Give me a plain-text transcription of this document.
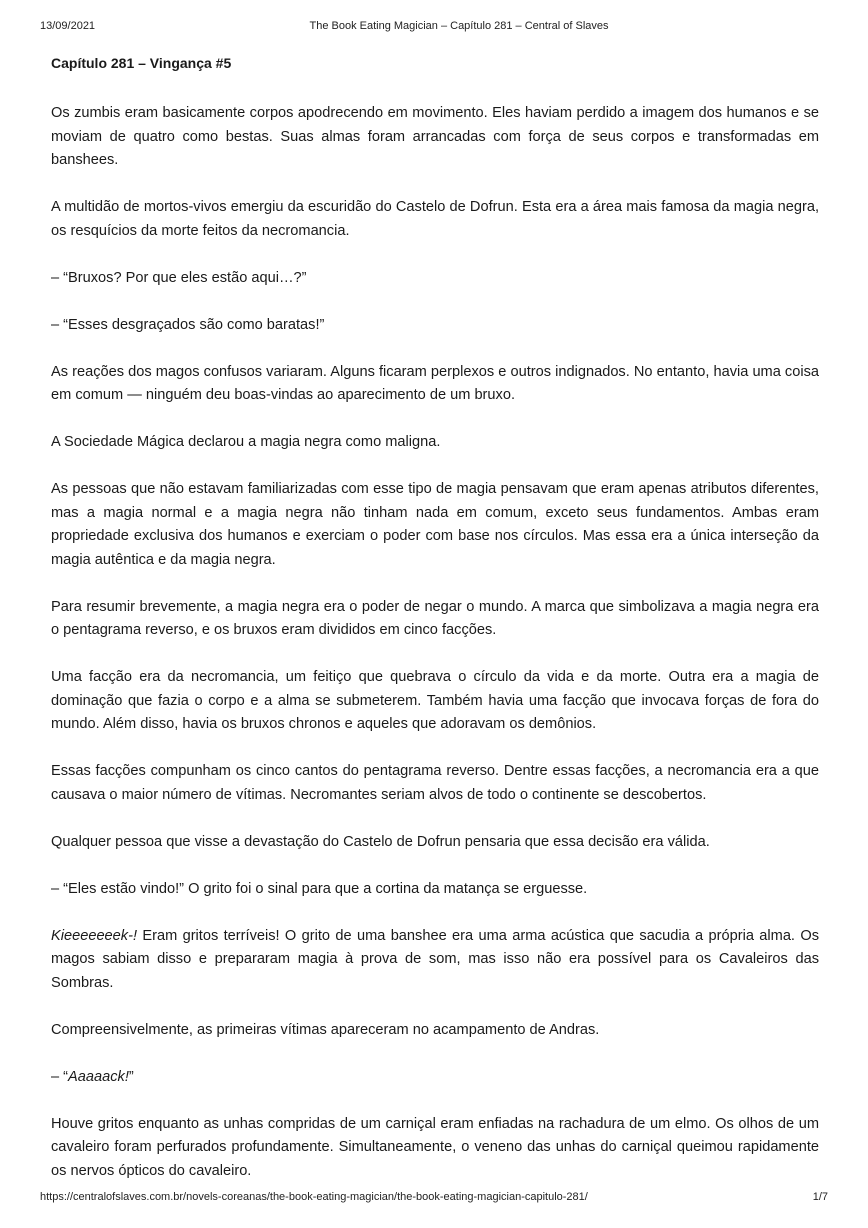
13/09/2021	The Book Eating Magician – Capítulo 281 – Central of Slaves
Capítulo 281 – Vingança #5

Os zumbis eram basicamente corpos apodrecendo em movimento. Eles haviam perdido a imagem dos humanos e se moviam de quatro como bestas. Suas almas foram arrancadas com força de seus corpos e transformadas em banshees.

A multidão de mortos-vivos emergiu da escuridão do Castelo de Dofrun. Esta era a área mais famosa da magia negra, os resquícios da morte feitos da necromancia.

– “Bruxos? Por que eles estão aqui…?”

– “Esses desgraçados são como baratas!”

As reações dos magos confusos variaram. Alguns ficaram perplexos e outros indignados. No entanto, havia uma coisa em comum — ninguém deu boas-vindas ao aparecimento de um bruxo.

A Sociedade Mágica declarou a magia negra como maligna.

As pessoas que não estavam familiarizadas com esse tipo de magia pensavam que eram apenas atributos diferentes, mas a magia normal e a magia negra não tinham nada em comum, exceto seus fundamentos. Ambas eram propriedade exclusiva dos humanos e exerciam o poder com base nos círculos. Mas essa era a única interseção da magia autêntica e da magia negra.

Para resumir brevemente, a magia negra era o poder de negar o mundo. A marca que simbolizava a magia negra era o pentagrama reverso, e os bruxos eram divididos em cinco facções.

Uma facção era da necromancia, um feitiço que quebrava o círculo da vida e da morte. Outra era a magia de dominação que fazia o corpo e a alma se submeterem. Também havia uma facção que invocava forças de fora do mundo. Além disso, havia os bruxos chronos e aqueles que adoravam os demônios.

Essas facções compunham os cinco cantos do pentagrama reverso. Dentre essas facções, a necromancia era a que causava o maior número de vítimas. Necromantes seriam alvos de todo o continente se descobertos.

Qualquer pessoa que visse a devastação do Castelo de Dofrun pensaria que essa decisão era válida.

– “Eles estão vindo!” O grito foi o sinal para que a cortina da matança se erguesse.

Kieeeeeeek-! Eram gritos terríveis! O grito de uma banshee era uma arma acústica que sacudia a própria alma. Os magos sabiam disso e prepararam magia à prova de som, mas isso não era possível para os Cavaleiros das Sombras.

Compreensivelmente, as primeiras vítimas apareceram no acampamento de Andras.

– “Aaaaack!”

Houve gritos enquanto as unhas compridas de um carniçal eram enfiadas na rachadura de um elmo. Os olhos de um cavaleiro foram perfurados profundamente. Simultaneamente, o veneno das unhas do carniçal queimou rapidamente os nervos ópticos do cavaleiro.

https://centralofslaves.com.br/novels-coreanas/the-book-eating-magician/the-book-eating-magician-capitulo-281/	1/7
